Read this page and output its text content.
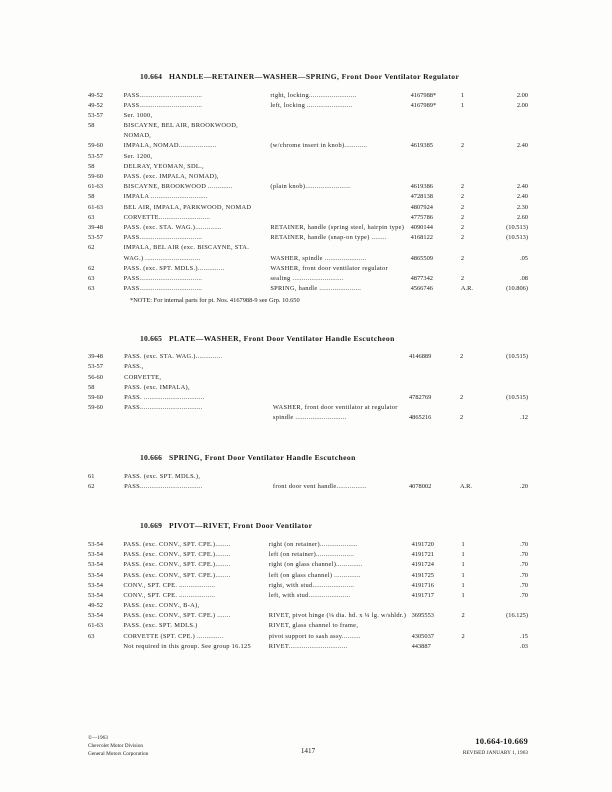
10.664 HANDLE—RETAINER—WASHER—SPRING, Front Door Ventilator Regulator
49-52	PASS.................................	right, locking.........................	4167988*	1	2.00
49-52	PASS.................................	left, locking ........................	4167989*	1	2.00
53-57	Ser. 1000,				
58	BISCAYNE, BEL AIR, BROOKWOOD,				
	NOMAD,				
59-60	IMPALA, NOMAD....................	(w/chrome insert in knob)............	4619385	2	2.40
53-57	Ser. 1200,				
58	DELRAY, YEOMAN, SDL.,				
59-60	PASS. (exc. IMPALA, NOMAD),				
61-63	BISCAYNE, BROOKWOOD .............	(plain knob)........................	4619386	2	2.40
58	IMPALA ..............................		4728138	2	2.40
61-63	BEL AIR, IMPALA, PARKWOOD, NOMAD		4807924	2	2.30
63	CORVETTE...........................		4775786	2	2.60
39-48	PASS. (exc. STA. WAG.)..............	RETAINER, handle (spring steel, hairpin type)	4090144	2	(10.513)
53-57	PASS.................................	RETAINER, handle (snap-on type) ........	4168122	2	(10.513)
62	IMPALA, BEL AIR (exc. BISCAYNE, STA.				
	WAG.) .............................	WASHER, spindle ......................	4865509	2	.05
62	PASS. (exc. SPT. MDLS.)..............	WASHER, front door ventilator regulator			
63	PASS.................................	sealing ...........................	4877342	2	.08
63	PASS.................................	SPRING, handle ......................	4566746	A.R.	(10.806)
*NOTE: For internal parts for pt. Nos. 4167988-9 see Grp. 10.650
10.665 PLATE—WASHER, Front Door Ventilator Handle Escutcheon
39-48	PASS. (exc. STA. WAG.)..............		4146889	2	(10.515)
53-57	PASS.,				
56-60	CORVETTE,				
58	PASS. (exc. IMPALA),				
59-60	PASS. ................................		4782769	2	(10.515)
59-60	PASS.................................	WASHER, front door ventilator at regulator			
		spindle ...........................	4865216	2	.12
10.666 SPRING, Front Door Ventilator Handle Escutcheon
61	PASS. (exc. SPT. MDLS.),				
62	PASS.................................	front door vent handle................	4078002	A.R.	.20
10.669 PIVOT—RIVET, Front Door Ventilator
53-54	PASS. (exc. CONV., SPT. CPE.)........	right (on retainer)....................	4191720	1	.70
53-54	PASS. (exc. CONV., SPT. CPE.)........	left (on retainer)....................	4191721	1	.70
53-54	PASS. (exc. CONV., SPT. CPE.)........	right (on glass channel)..............	4191724	1	.70
53-54	PASS. (exc. CONV., SPT. CPE.)........	left (on glass channel) ..............	4191725	1	.70
53-54	CONV., SPT. CPE. ...................	right, with stud......................	4191716	1	.70
53-54	CONV., SPT. CPE. ...................	left, with stud......................	4191717	1	.70
49-52	PASS. (exc. CONV., B-A),				
53-54	PASS. (exc. CONV., SPT. CPE.) .......	RIVET, pivot hinge (⅛ dia. hd. x ¼ lg. w/shldr.)	3695553	2	(16.125)
61-63	PASS. (exc. SPT. MDLS.)	RIVET, glass channel to frame,			
63	CORVETTE (SPT. CPE.) ..............	pivot support to sash assy..........	4305037	2	.15
	Not required in this group. See group 16.125	RIVET...............................	443887		.03
©—1963
Chevrolet Motor Division
General Motors Corporation	1417
10.664-10.669
REVISED JANUARY 1, 1963
